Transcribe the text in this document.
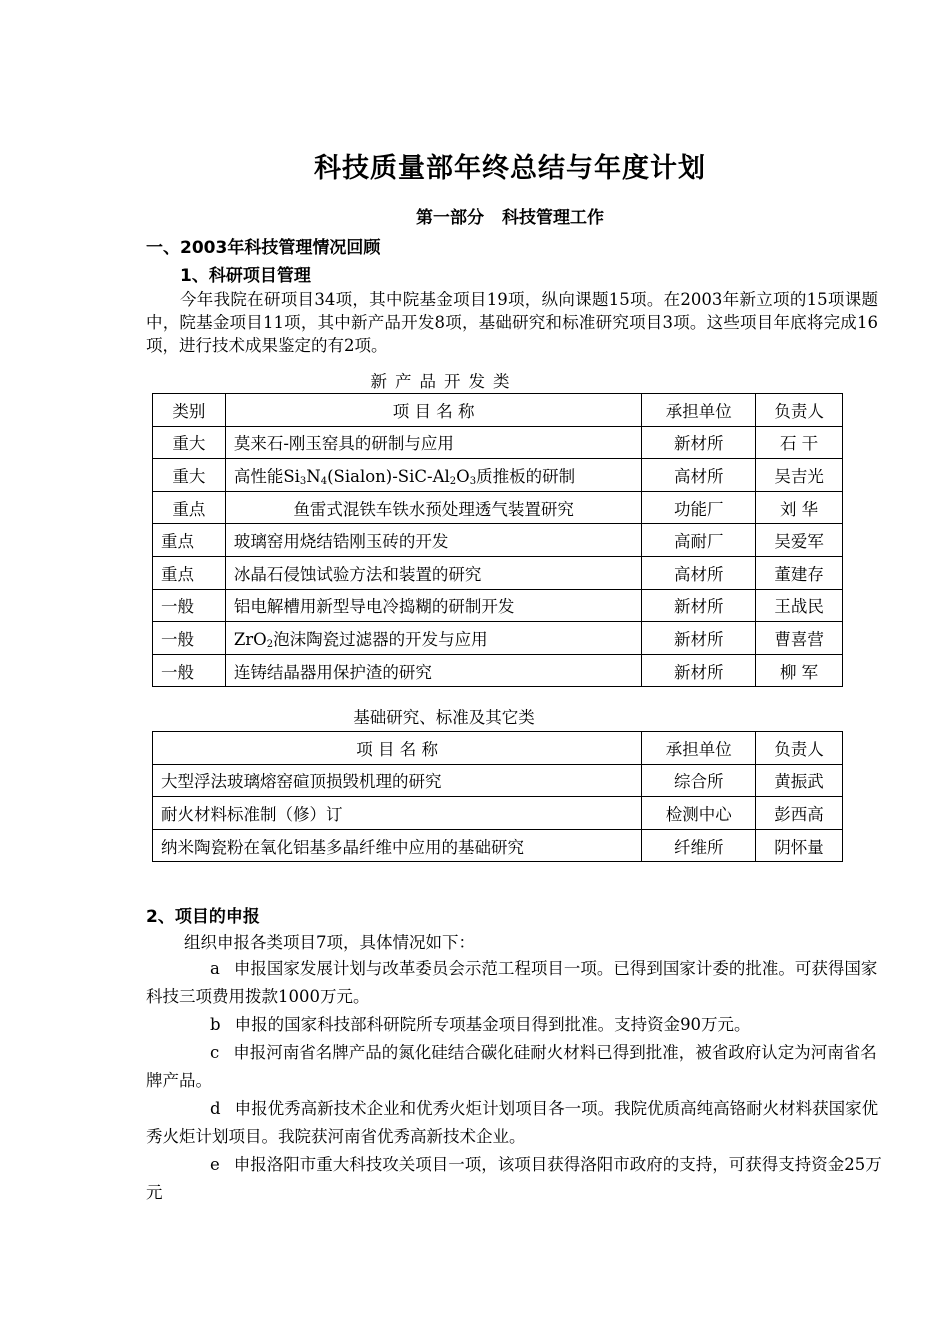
科技质量部年终总结与年度计划
第一部分 科技管理工作
一、2003年科技管理情况回顾
1、科研项目管理

今年我院在研项目34项，其中院基金项目19项，纵向课题15项。在2003年新立项的15项课题中，院基金项目11项，其中新产品开发8项，基础研究和标准研究项目3项。这些项目年底将完成16项，进行技术成果鉴定的有2项。

新产品开发类
类别	项 目 名 称	承担单位	负责人
重大	莫来石-刚玉窑具的研制与应用	新材所	石 干
重大	高性能$Si_3N_4(Sialon)-SiC-Al_2O_3$质推板的研制	高材所	吴吉光
重点	鱼雷式混铁车铁水预处理透气装置研究	功能厂	刘 华
重点	玻璃窑用烧结锆刚玉砖的开发	高耐厂	吴爱军
重点	冰晶石侵蚀试验方法和装置的研究	高材所	董建存
一般	铝电解槽用新型导电冷捣糊的研制开发	新材所	王战民
一般	ZrO$_2$泡沫陶瓷过滤器的开发与应用	新材所	曹喜营
一般	连铸结晶器用保护渣的研究	新材所	柳 军
基础研究、标准及其它类
项 目 名 称	承担单位	负责人
大型浮法玻璃熔窑碹顶损毁机理的研究	综合所	黄振武
耐火材料标准制（修）订	检测中心	彭西高
纳米陶瓷粉在氧化铝基多晶纤维中应用的基础研究	纤维所	阴怀量
2、项目的申报
组织申报各类项目7项，具体情况如下：

a 申报国家发展计划与改革委员会示范工程项目一项。已得到国家计委的批准。可获得国家科技三项费用拨款1000万元。

b 申报的国家科技部科研院所专项基金项目得到批准。支持资金90万元。

c 申报河南省名牌产品的氮化硅结合碳化硅耐火材料已得到批准，被省政府认定为河南省名牌产品。

d 申报优秀高新技术企业和优秀火炬计划项目各一项。我院优质高纯高铬耐火材料获国家优秀火炬计划项目。我院获河南省优秀高新技术企业。

e 申报洛阳市重大科技攻关项目一项，该项目获得洛阳市政府的支持，可获得支持资金25万元
